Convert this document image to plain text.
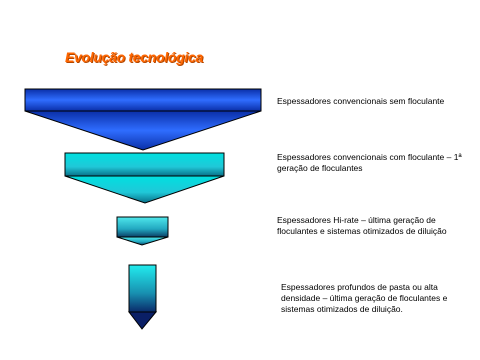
Evolução tecnológica
Espessadores convencionais sem floculante
Espessadores convencionais com floculante – 1ª geração de floculantes
Espessadores Hi-rate – última geração de floculantes e sistemas otimizados de diluição
Espessadores profundos de pasta ou alta densidade – última geração de floculantes e sistemas otimizados de diluição.
